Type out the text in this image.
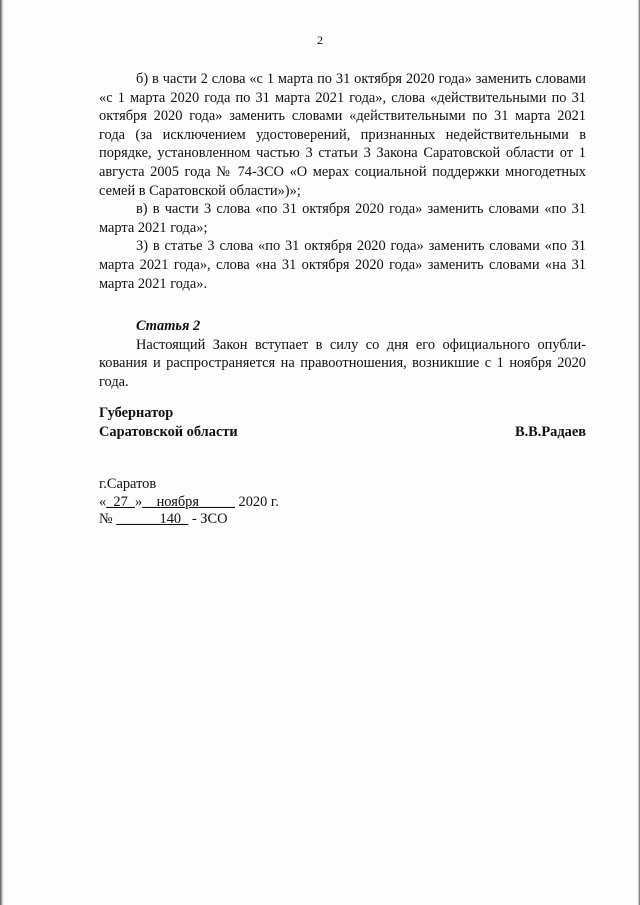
2

б) в части 2 слова «с 1 марта по 31 октября 2020 года» заменить словами «с 1 марта 2020 года по 31 марта 2021 года», слова «действительными по 31 октября 2020 года» заменить словами «действительными по 31 марта 2021 года (за исключением удостоверений, признанных недействительными в порядке, установленном частью 3 статьи 3 Закона Саратовской области от 1 августа 2005 года № 74-ЗСО «О мерах социальной поддержки многодетных семей в Саратовской области»)»;

в) в части 3 слова «по 31 октября 2020 года» заменить словами «по 31 марта 2021 года»;

3) в статье 3 слова «по 31 октября 2020 года» заменить словами «по 31 марта 2021 года», слова «на 31 октября 2020 года» заменить словами «на 31 марта 2021 года».

Статья 2

Настоящий Закон вступает в силу со дня его официального опубликования и распространяется на правоотношения, возникшие с 1 ноября 2020 года.

Губернатор
Саратовской области	В.В.Радаев
г.Саратов
«_27_»__ноября_____ 2020 г.
№ ______140_ - ЗСО
